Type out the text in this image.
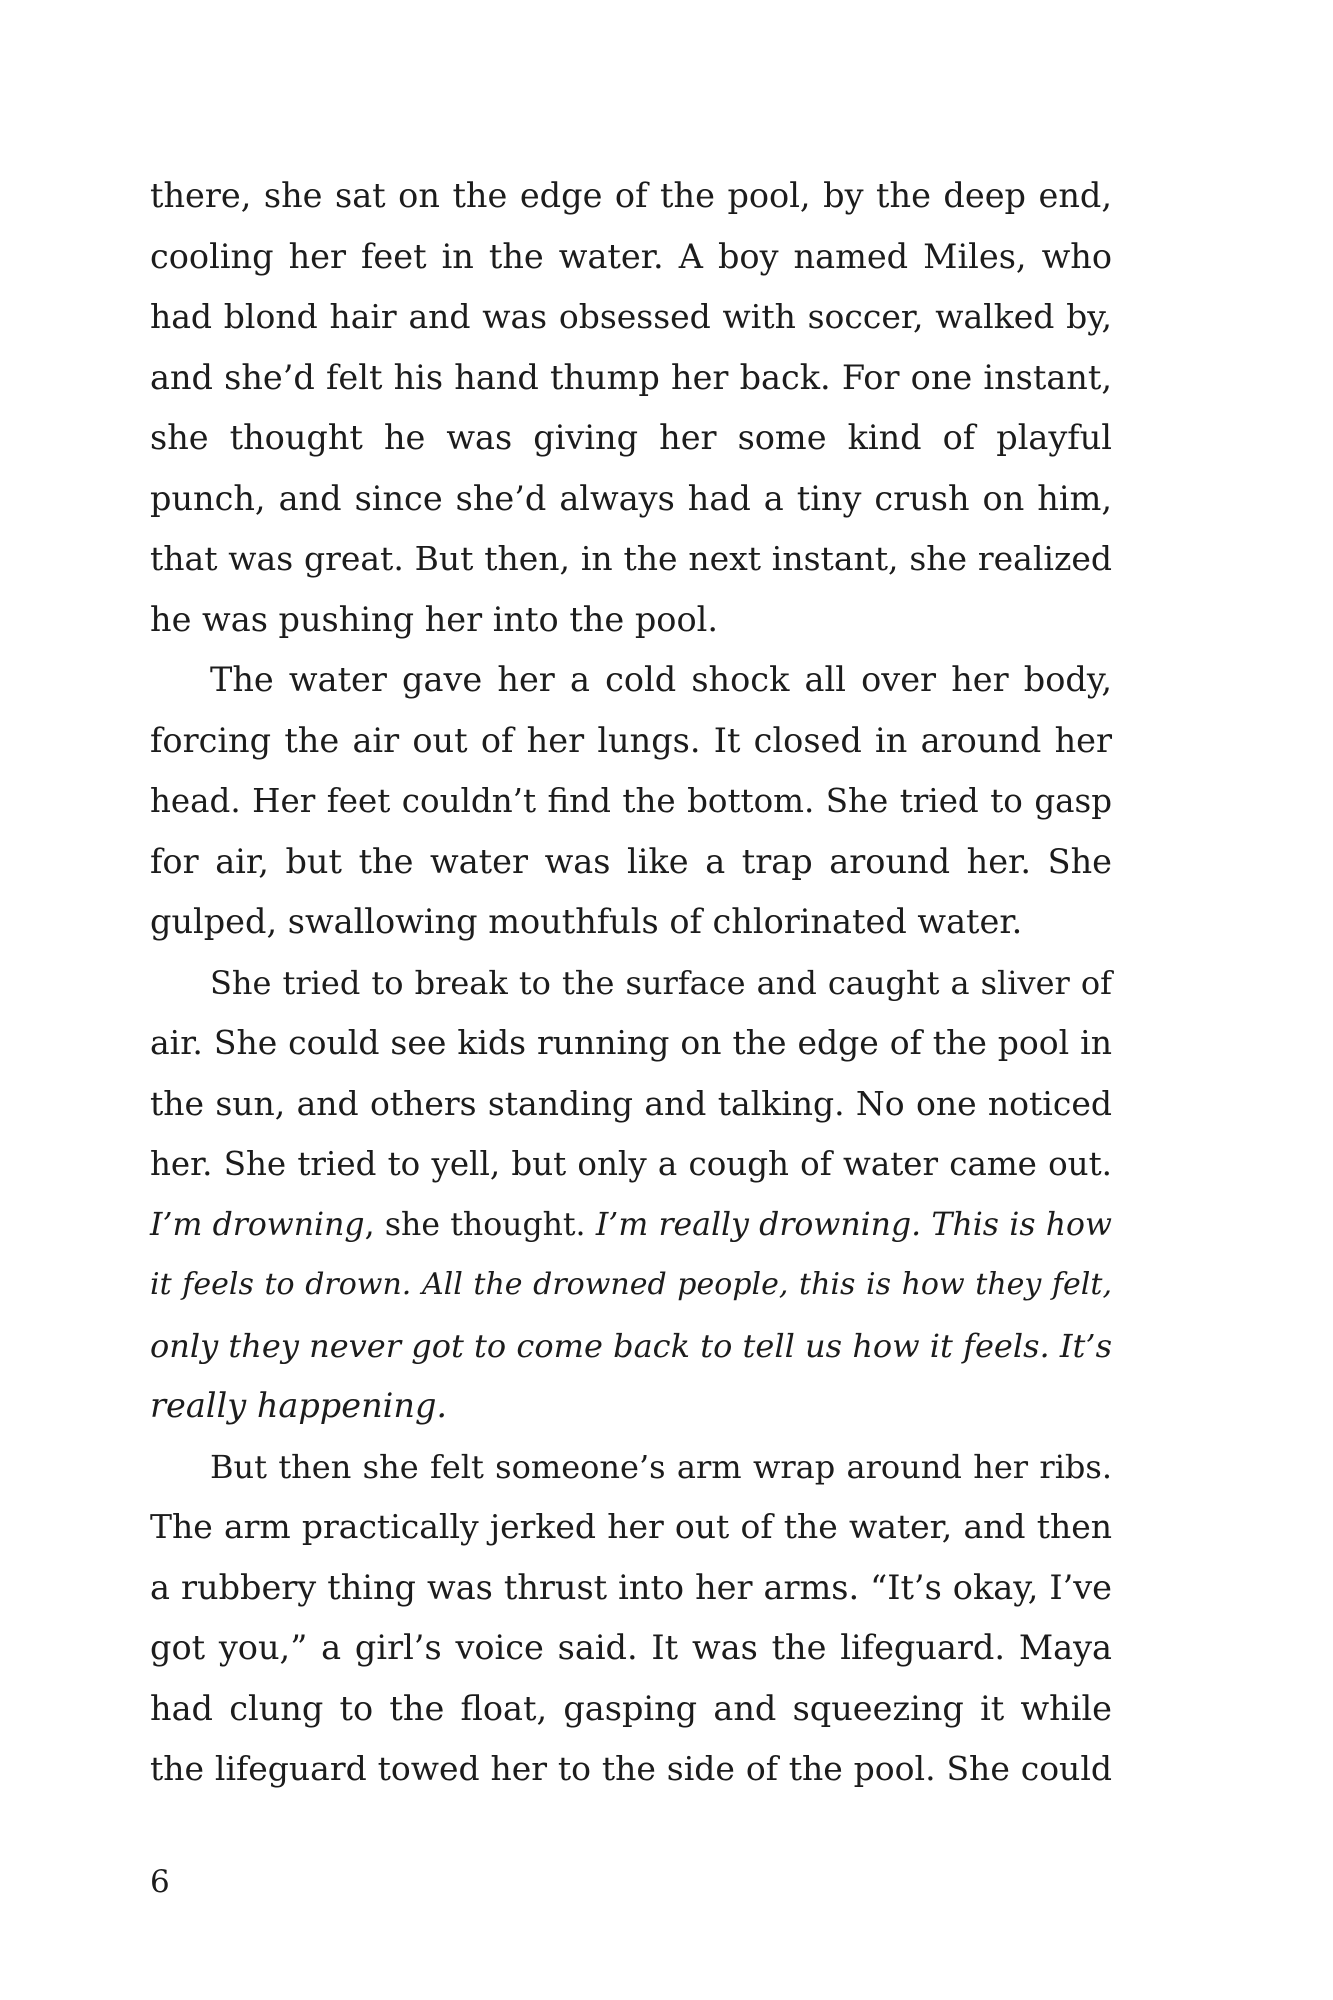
there, she sat on the edge of the pool, by the deep end,
cooling her feet in the water. A boy named Miles, who
had blond hair and was obsessed with soccer, walked by,
and she’d felt his hand thump her back. For one instant,
she thought he was giving her some kind of playful
punch, and since she’d always had a tiny crush on him,
that was great. But then, in the next instant, she realized
he was pushing her into the pool.
The water gave her a cold shock all over her body,
forcing the air out of her lungs. It closed in around her
head. Her feet couldn’t find the bottom. She tried to gasp
for air, but the water was like a trap around her. She
gulped, swallowing mouthfuls of chlorinated water.
She tried to break to the surface and caught a sliver of
air. She could see kids running on the edge of the pool in
the sun, and others standing and talking. No one noticed
her. She tried to yell, but only a cough of water came out.
I’m drowning, she thought. I’m really drowning. This is how
it feels to drown. All the drowned people, this is how they felt,
only they never got to come back to tell us how it feels. It’s
really happening.
But then she felt someone’s arm wrap around her ribs.
The arm practically jerked her out of the water, and then
a rubbery thing was thrust into her arms. “It’s okay, I’ve
got you,” a girl’s voice said. It was the lifeguard. Maya
had clung to the float, gasping and squeezing it while
the lifeguard towed her to the side of the pool. She could
6
